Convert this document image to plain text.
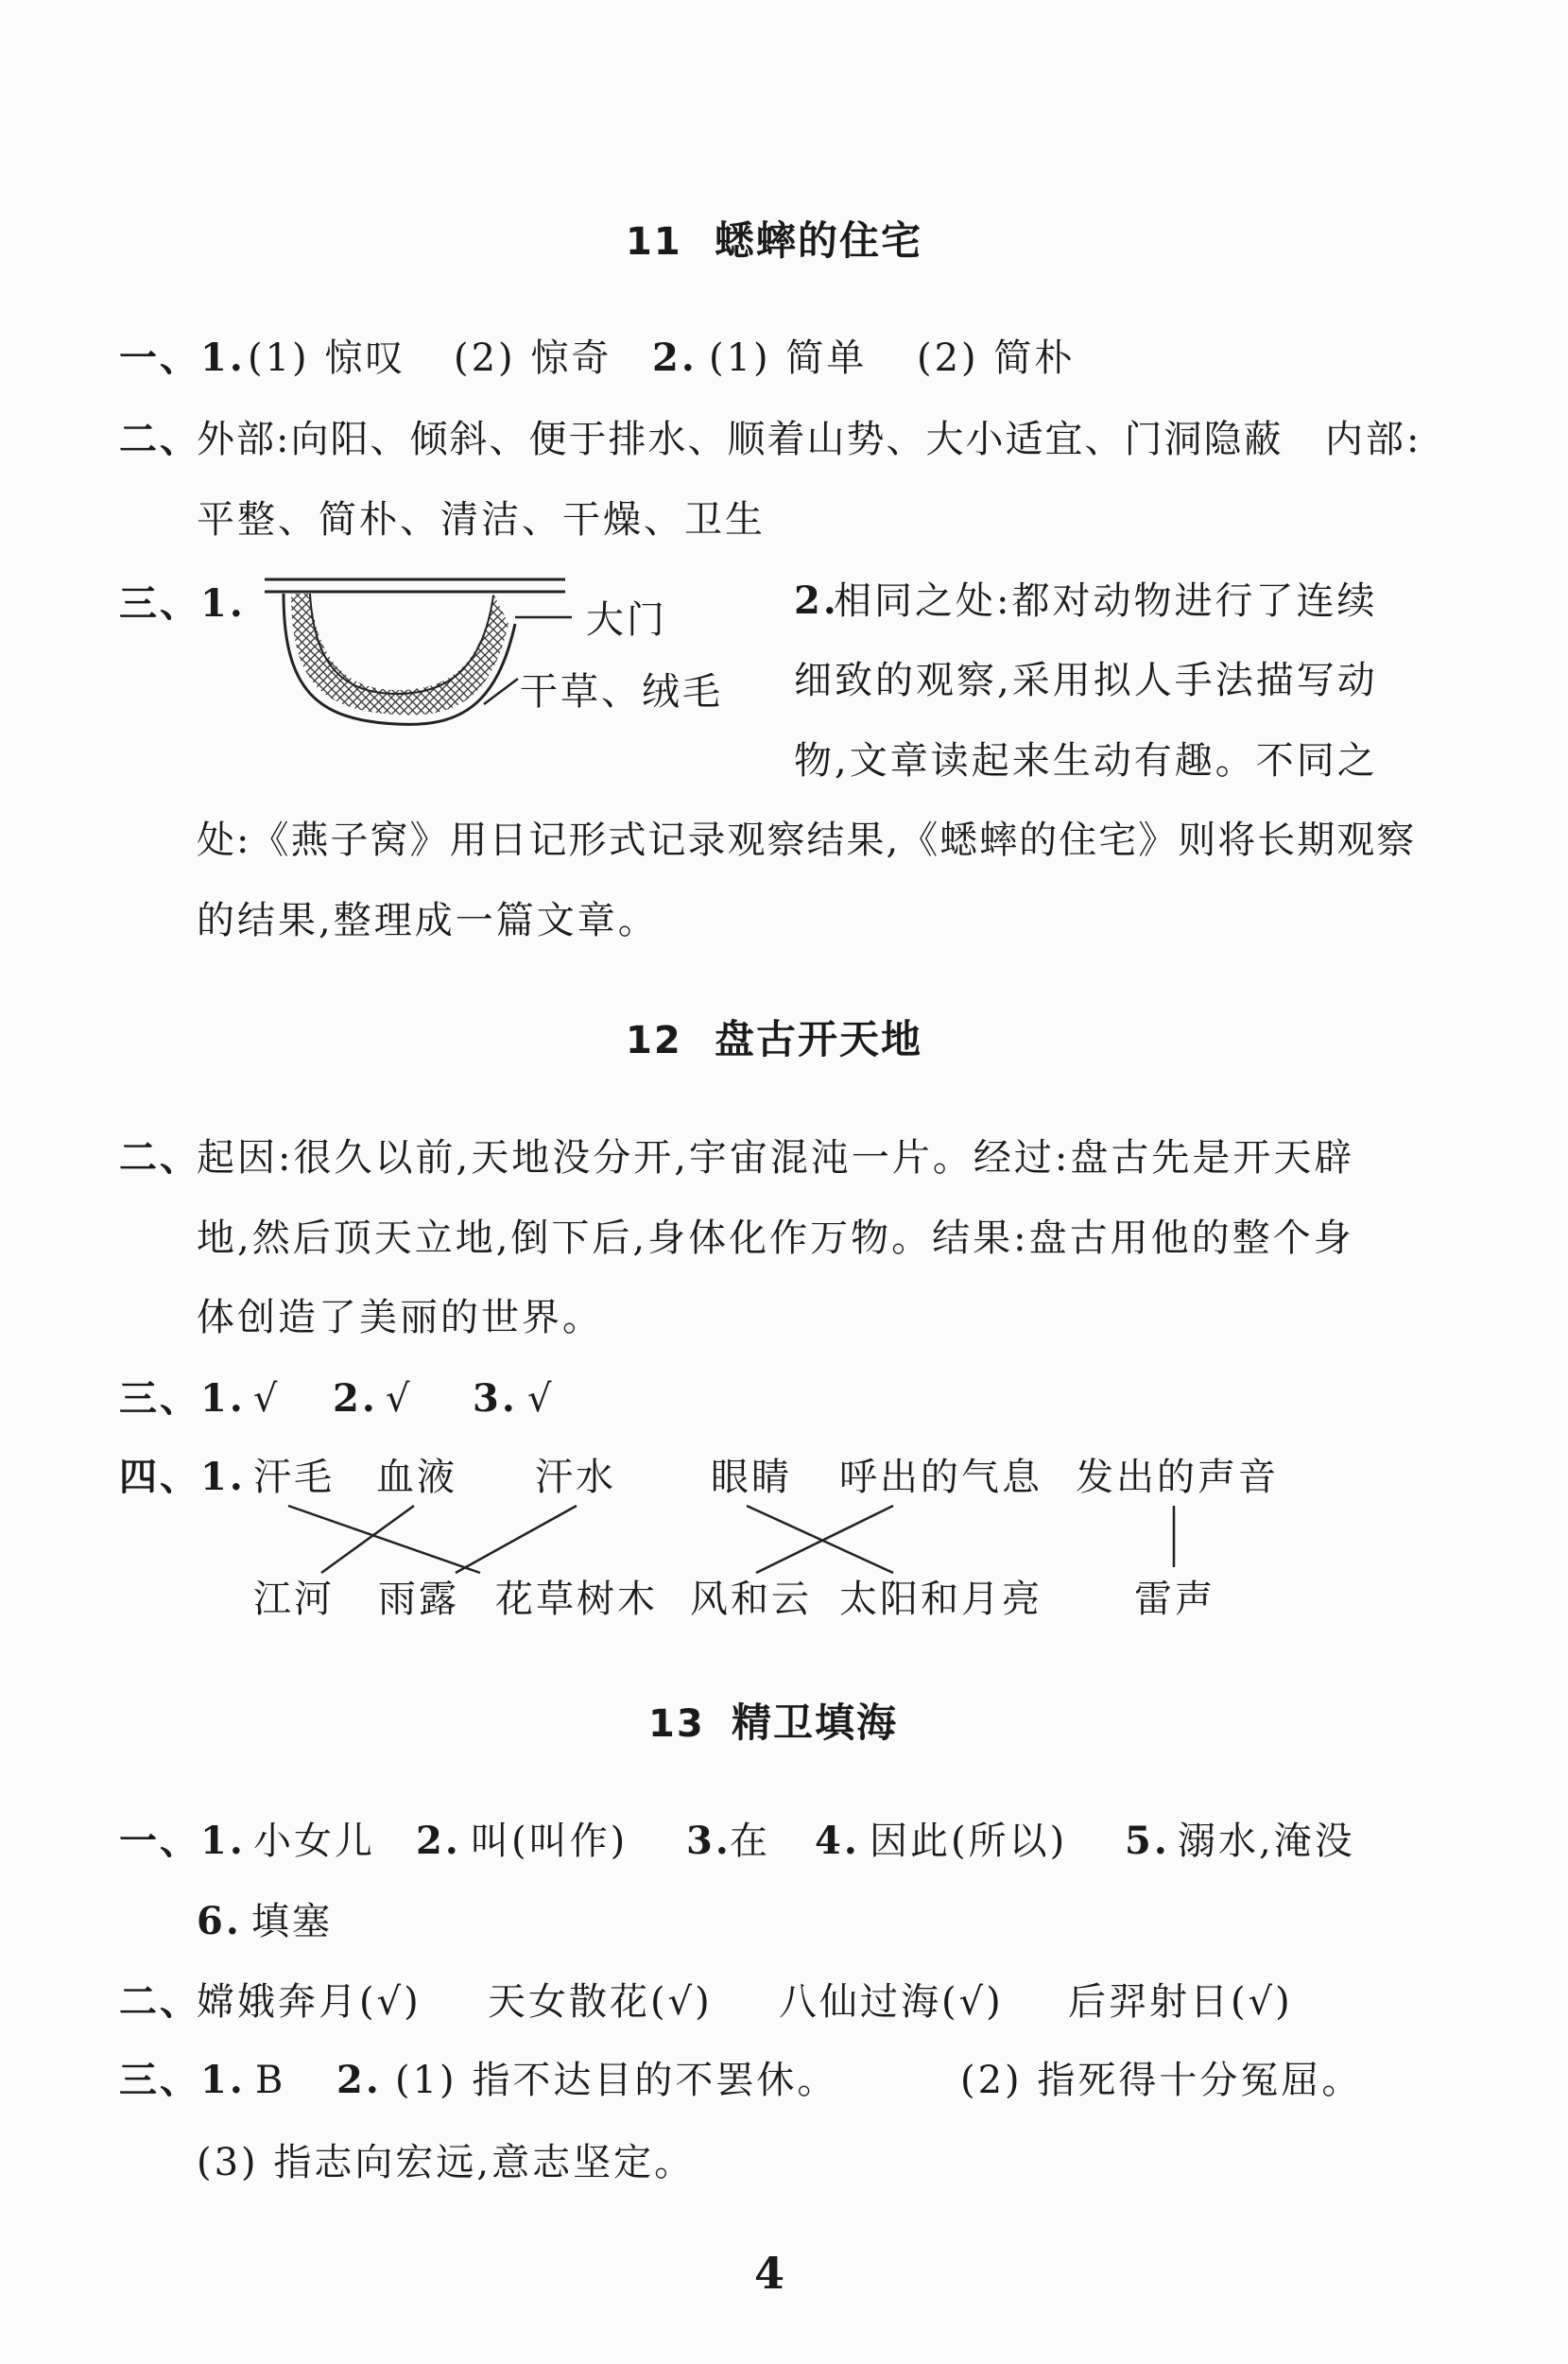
11 蟋蟀的住宅
一、1. (1) 惊叹 (2) 惊奇 2. (1) 简单 (2) 简朴
二、
外部:向阳、倾斜、便于排水、顺着山势、大小适宜、门洞隐蔽 内部:
平整、简朴、清洁、干燥、卫生
三、1.	大门
干草、绒毛
2.
相同之处:都对动物进行了连续
细致的观察,采用拟人手法描写动
物,文章读起来生动有趣。不同之
处:《燕子窝》用日记形式记录观察结果,《蟋蟀的住宅》则将长期观察
的结果,整理成一篇文章。
12 盘古开天地
二、
起因:很久以前,天地没分开,宇宙混沌一片。经过:盘古先是开天辟
地,然后顶天立地,倒下后,身体化作万物。结果:盘古用他的整个身
体创造了美丽的世界。
三、1. √ 2. √ 3. √
四、1. 汗毛 血液 汗水	眼睛 呼出的气息 发出的声音
江河 雨露 花草树木 风和云 太阳和月亮 雷声
13 精卫填海
一、1. 小女儿 2. 叫(叫作) 3.
在 4. 因此(所以) 5. 溺水,淹没
6. 填塞
二、
嫦娥奔月(√) 天女散花(√) 八仙过海(√) 后羿射日(√)
三、1. B 2. (1) 指不达目的不罢休。	(2) 指死得十分冤屈。
(3) 指志向宏远,意志坚定。
4
